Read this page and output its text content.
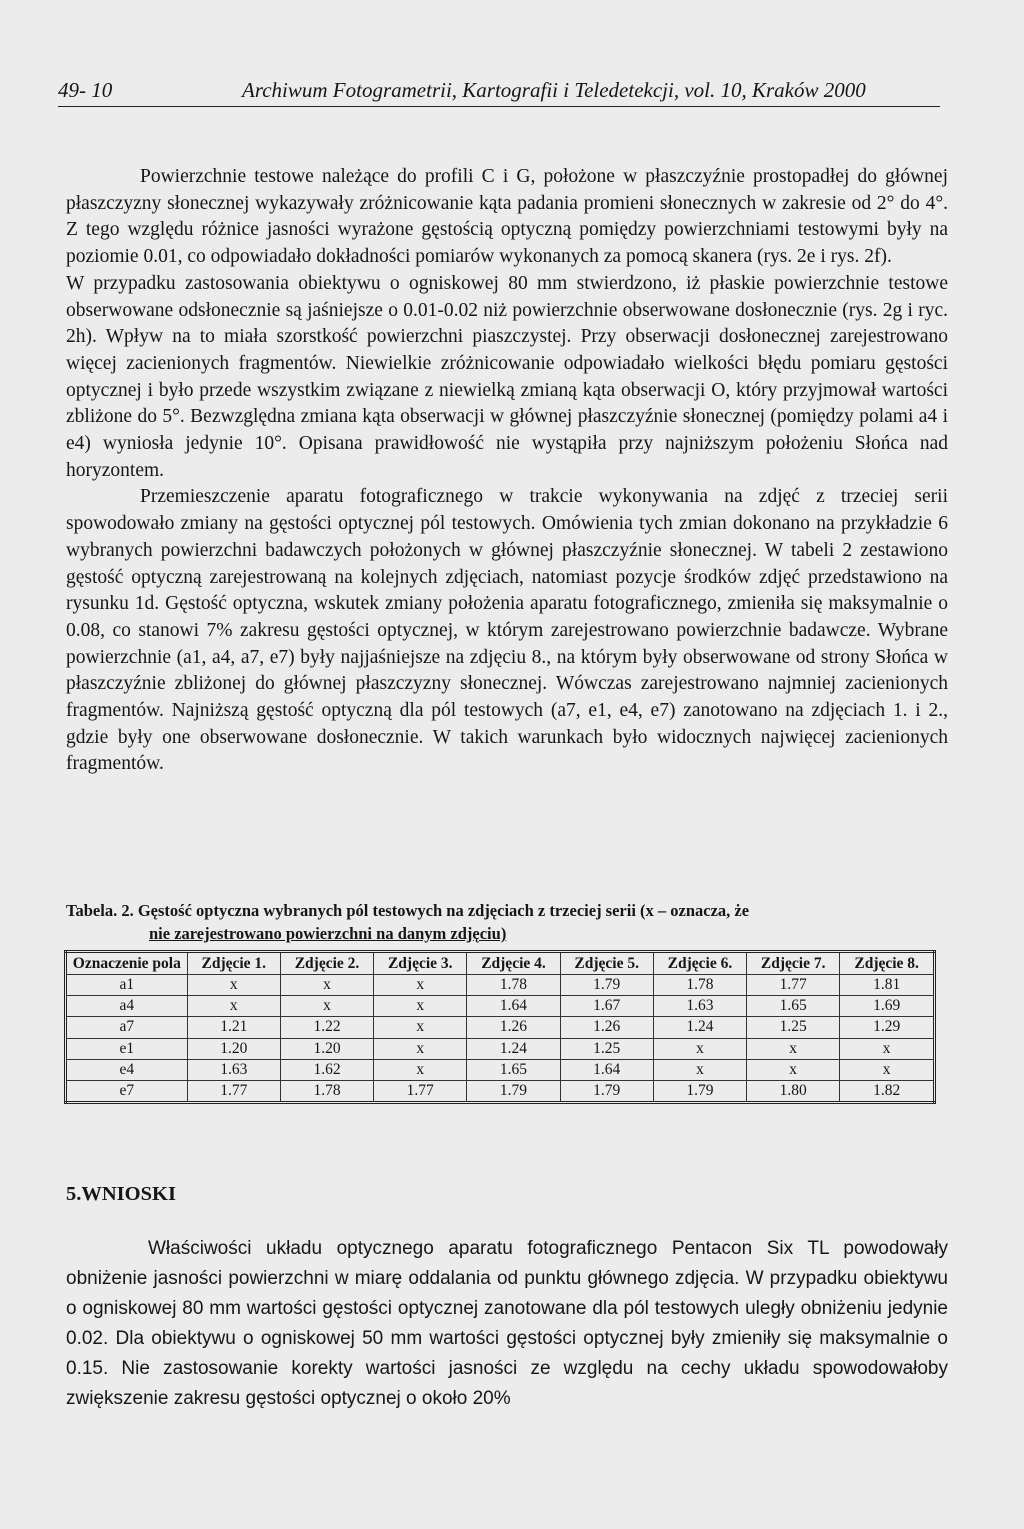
49- 10	Archiwum Fotogrametrii, Kartografii i Teledetekcji, vol. 10, Kraków 2000

Powierzchnie testowe należące do profili C i G, położone w płaszczyźnie prostopadłej do głównej płaszczyzny słonecznej wykazywały zróżnicowanie kąta padania promieni słonecznych w zakresie od 2° do 4°. Z tego względu różnice jasności wyrażone gęstością optyczną pomiędzy powierzchniami testowymi były na poziomie 0.01, co odpowiadało dokładności pomiarów wykonanych za pomocą skanera (rys. 2e i rys. 2f).

W przypadku zastosowania obiektywu o ogniskowej 80 mm stwierdzono, iż płaskie powierzchnie testowe obserwowane odsłonecznie są jaśniejsze o 0.01-0.02 niż powierzchnie obserwowane dosłonecznie (rys. 2g i ryc. 2h). Wpływ na to miała szorstkość powierzchni piaszczystej. Przy obserwacji dosłonecznej zarejestrowano więcej zacienionych fragmentów. Niewielkie zróżnicowanie odpowiadało wielkości błędu pomiaru gęstości optycznej i było przede wszystkim związane z niewielką zmianą kąta obserwacji O, który przyjmował wartości zbliżone do 5°. Bezwzględna zmiana kąta obserwacji w głównej płaszczyźnie słonecznej (pomiędzy polami a4 i e4) wyniosła jedynie 10°. Opisana prawidłowość nie wystąpiła przy najniższym położeniu Słońca nad horyzontem.

Przemieszczenie aparatu fotograficznego w trakcie wykonywania na zdjęć z trzeciej serii spowodowało zmiany na gęstości optycznej pól testowych. Omówienia tych zmian dokonano na przykładzie 6 wybranych powierzchni badawczych położonych w głównej płaszczyźnie słonecznej. W tabeli 2 zestawiono gęstość optyczną zarejestrowaną na kolejnych zdjęciach, natomiast pozycje środków zdjęć przedstawiono na rysunku 1d. Gęstość optyczna, wskutek zmiany położenia aparatu fotograficznego, zmieniła się maksymalnie o 0.08, co stanowi 7% zakresu gęstości optycznej, w którym zarejestrowano powierzchnie badawcze. Wybrane powierzchnie (a1, a4, a7, e7) były najjaśniejsze na zdjęciu 8., na którym były obserwowane od strony Słońca w płaszczyźnie zbliżonej do głównej płaszczyzny słonecznej. Wówczas zarejestrowano najmniej zacienionych fragmentów. Najniższą gęstość optyczną dla pól testowych (a7, e1, e4, e7) zanotowano na zdjęciach 1. i 2., gdzie były one obserwowane dosłonecznie. W takich warunkach było widocznych najwięcej zacienionych fragmentów.

Tabela. 2. Gęstość optyczna wybranych pól testowych na zdjęciach z trzeciej serii (x – oznacza, że
nie zarejestrowano powierzchni na danym zdjęciu)
Oznaczenie pola	Zdjęcie 1.	Zdjęcie 2.	Zdjęcie 3.	Zdjęcie 4.	Zdjęcie 5.	Zdjęcie 6.	Zdjęcie 7.	Zdjęcie 8.
a1	x	x	x	1.78	1.79	1.78	1.77	1.81
a4	x	x	x	1.64	1.67	1.63	1.65	1.69
a7	1.21	1.22	x	1.26	1.26	1.24	1.25	1.29
e1	1.20	1.20	x	1.24	1.25	x	x	x
e4	1.63	1.62	x	1.65	1.64	x	x	x
e7	1.77	1.78	1.77	1.79	1.79	1.79	1.80	1.82
5.WNIOSKI

Właściwości układu optycznego aparatu fotograficznego Pentacon Six TL powodowały obniżenie jasności powierzchni w miarę oddalania od punktu głównego zdjęcia. W przypadku obiektywu o ogniskowej 80 mm wartości gęstości optycznej zanotowane dla pól testowych uległy obniżeniu jedynie 0.02. Dla obiektywu o ogniskowej 50 mm wartości gęstości optycznej były zmieniły się maksymalnie o 0.15. Nie zastosowanie korekty wartości jasności ze względu na cechy układu spowodowałoby zwiększenie zakresu gęstości optycznej o około 20%
